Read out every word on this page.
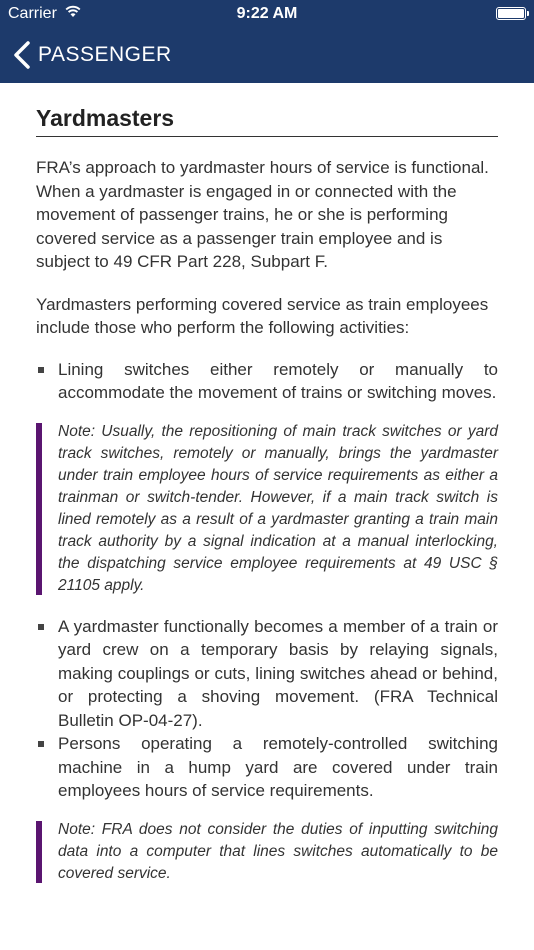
Carrier	9:22 AM
PASSENGER
Yardmasters

FRA’s approach to yardmaster hours of service is functional. When a yardmaster is engaged in or connected with the movement of passenger trains, he or she is performing covered service as a passenger train employee and is subject to 49 CFR Part 228, Subpart F.

Yardmasters performing covered service as train employees include those who perform the following activities:

Lining switches either remotely or manually to accommodate the movement of trains or switching moves.
Note: Usually, the repositioning of main track switches or yard track switches, remotely or manually, brings the yardmaster under train employee hours of service requirements as either a trainman or switch-tender. However, if a main track switch is lined remotely as a result of a yardmaster granting a train main track authority by a signal indication at a manual interlocking, the dispatching service employee requirements at 49 USC § 21105 apply.
A yardmaster functionally becomes a member of a train or yard crew on a temporary basis by relaying signals, making couplings or cuts, lining switches ahead or behind, or protecting a shoving movement. (FRA Technical Bulletin OP-04-27).
Persons operating a remotely-controlled switching machine in a hump yard are covered under train employees hours of service requirements.
Note: FRA does not consider the duties of inputting switching data into a computer that lines switches automatically to be covered service.
